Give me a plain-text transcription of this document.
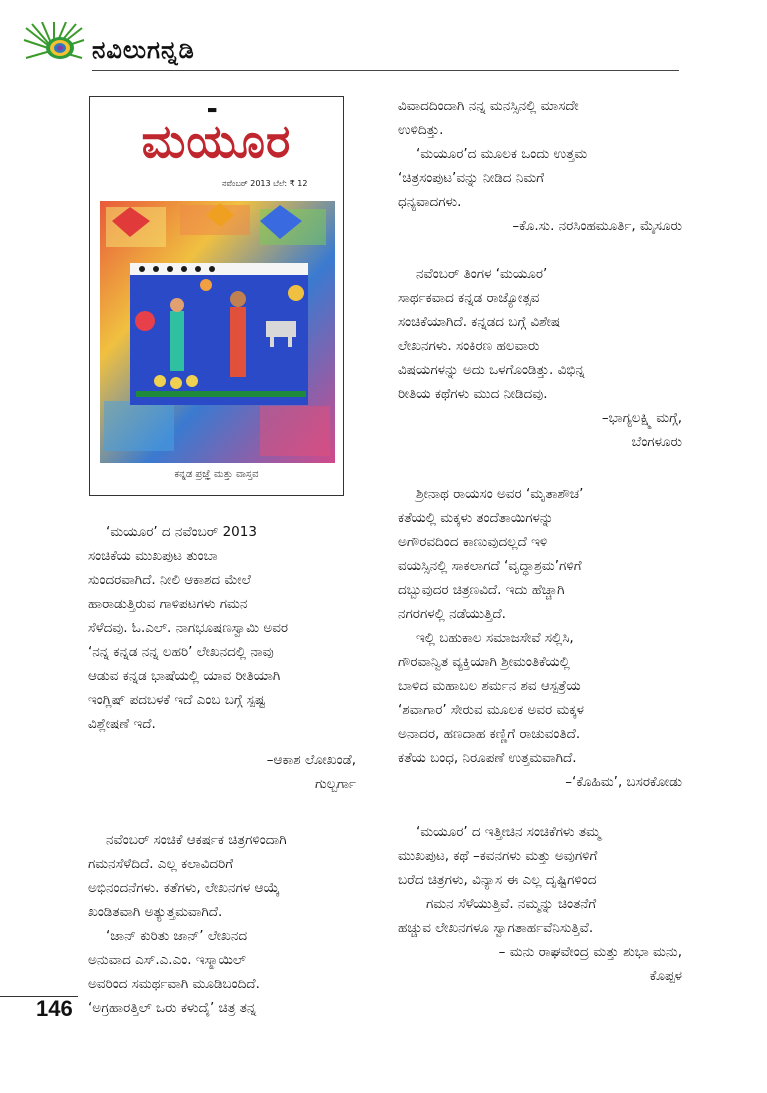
ನವಿಲುಗನ್ನಡಿ
▬
ಮಯೂರ
ನವೆಂಬರ್ 2013 ಬೆಲೆ: ₹ 12
ಕನ್ನಡ ಪ್ರಜ್ಞೆ ಮತ್ತು ವಾಸ್ತವ

‘ಮಯೂರ’ ದ ನವೆಂಬರ್ 2013

ಸಂಚಿಕೆಯ ಮುಖಪುಟ ತುಂಬಾ

ಸುಂದರವಾಗಿದೆ. ನೀಲಿ ಆಕಾಶದ ಮೇಲೆ

ಹಾರಾಡುತ್ತಿರುವ ಗಾಳಿಪಟಗಳು ಗಮನ

ಸೆಳೆದವು. ಓ.ಎಲ್. ನಾಗಭೂಷಣಸ್ವಾಮಿ ಅವರ

‘ನನ್ನ ಕನ್ನಡ ನನ್ನ ಲಹರಿ’ ಲೇಖನದಲ್ಲಿ ನಾವು

ಆಡುವ ಕನ್ನಡ ಭಾಷೆಯಲ್ಲಿ ಯಾವ ರೀತಿಯಾಗಿ

ಇಂಗ್ಲಿಷ್ ಪದಬಳಕೆ ಇದೆ ಎಂಬ ಬಗ್ಗೆ ಸ್ಪಷ್ಟ

ವಿಶ್ಲೇಷಣೆ ಇದೆ.

–ಆಕಾಶ ಲೋಖಂಡೆ,

ಗುಲ್ಬರ್ಗಾ

ನವೆಂಬರ್ ಸಂಚಿಕೆ ಆಕರ್ಷಕ ಚಿತ್ರಗಳಿಂದಾಗಿ

ಗಮನಸೆಳೆದಿದೆ. ಎಲ್ಲ ಕಲಾವಿದರಿಗೆ

ಅಭಿನಂದನೆಗಳು. ಕತೆಗಳು, ಲೇಖನಗಳ ಆಯ್ಕೆ

ಖಂಡಿತವಾಗಿ ಅತ್ಯುತ್ತಮವಾಗಿದೆ.

‘ಜಾನ್ ಕುರಿತು ಜಾನ್’ ಲೇಖನದ

ಅನುವಾದ ಎಸ್.ಎ.ಎಂ. ಇಸ್ಮಾಯಿಲ್

ಅವರಿಂದ ಸಮರ್ಥವಾಗಿ ಮೂಡಿಬಂದಿದೆ.

‘ಅಗ್ರಹಾರತ್ತಿಲ್ ಒರು ಕಳುದೈ’ ಚಿತ್ರ ತನ್ನ

ವಿವಾದದಿಂದಾಗಿ ನನ್ನ ಮನಸ್ಸಿನಲ್ಲಿ ಮಾಸದೇ

ಉಳಿದಿತ್ತು.

‘ಮಯೂರ’ದ ಮೂಲಕ ಒಂದು ಉತ್ತಮ

‘ಚಿತ್ರಸಂಪುಟ’ವನ್ನು ನೀಡಿದ ನಿಮಗೆ

ಧನ್ಯವಾದಗಳು.

–ಕೊ.ಸು. ನರಸಿಂಹಮೂರ್ತಿ, ಮೈಸೂರು

ನವೆಂಬರ್ ತಿಂಗಳ ‘ಮಯೂರ’

ಸಾರ್ಥಕವಾದ ಕನ್ನಡ ರಾಜ್ಯೋತ್ಸವ

ಸಂಚಿಕೆಯಾಗಿದೆ. ಕನ್ನಡದ ಬಗ್ಗೆ ವಿಶೇಷ

ಲೇಖನಗಳು. ಸಂಕಿರಣ ಹಲವಾರು

ವಿಷಯಗಳನ್ನು ಅದು ಒಳಗೊಂಡಿತ್ತು. ವಿಭಿನ್ನ

ರೀತಿಯ ಕಥೆಗಳು ಮುದ ನೀಡಿದವು.

–ಭಾಗ್ಯಲಕ್ಷ್ಮಿ ಮಗ್ಗೆ,

ಬೆಂಗಳೂರು

ಶ್ರೀನಾಥ ರಾಯಸಂ ಅವರ ‘ಮೃತಾಶೌಚ’

ಕತೆಯಲ್ಲಿ ಮಕ್ಕಳು ತಂದೆತಾಯಿಗಳನ್ನು

ಅಗೌರವದಿಂದ ಕಾಣುವುದಲ್ಲದೆ ಇಳಿ

ವಯಸ್ಸಿನಲ್ಲಿ ಸಾಕಲಾಗದೆ ‘ವೃದ್ಧಾಶ್ರಮ’ಗಳಿಗೆ

ದಬ್ಬುವುದರ ಚಿತ್ರಣವಿದೆ. ಇದು ಹೆಚ್ಚಾಗಿ

ನಗರಗಳಲ್ಲಿ ನಡೆಯುತ್ತಿದೆ.

ಇಲ್ಲಿ ಬಹುಕಾಲ ಸಮಾಜಸೇವೆ ಸಲ್ಲಿಸಿ,

ಗೌರವಾನ್ವಿತ ವ್ಯಕ್ತಿಯಾಗಿ ಶ್ರೀಮಂತಿಕೆಯಲ್ಲಿ

ಬಾಳಿದ ಮಹಾಬಲ ಶರ್ಮನ ಶವ ಆಸ್ಪತ್ರೆಯ

‘ಶವಾಗಾರ’ ಸೇರುವ ಮೂಲಕ ಅವರ ಮಕ್ಕಳ

ಅನಾದರ, ಹಣದಾಹ ಕಣ್ಣಿಗೆ ರಾಚುವಂತಿದೆ.

ಕತೆಯ ಬಂಧ, ನಿರೂಪಣೆ ಉತ್ತಮವಾಗಿದೆ.

–‘ಕೊಹಿಮ’, ಬಸರಕೋಡು

‘ಮಯೂರ’ ದ ಇತ್ತೀಚಿನ ಸಂಚಿಕೆಗಳು ತಮ್ಮ

ಮುಖಪುಟ, ಕಥೆ –ಕವನಗಳು ಮತ್ತು ಅವುಗಳಿಗೆ

ಬರೆದ ಚಿತ್ರಗಳು, ವಿನ್ಯಾಸ ಈ ಎಲ್ಲ ದೃಷ್ಟಿಗಳಿಂದ

ಗಮನ ಸೆಳೆಯುತ್ತಿವೆ. ನಮ್ಮನ್ನು ಚಿಂತನೆಗೆ

ಹಚ್ಚುವ ಲೇಖನಗಳೂ ಸ್ವಾಗತಾರ್ಹವೆನಿಸುತ್ತಿವೆ.

– ಮನು ರಾಘವೇಂದ್ರ ಮತ್ತು ಶುಭಾ ಮನು,

ಕೊಪ್ಪಳ

146
